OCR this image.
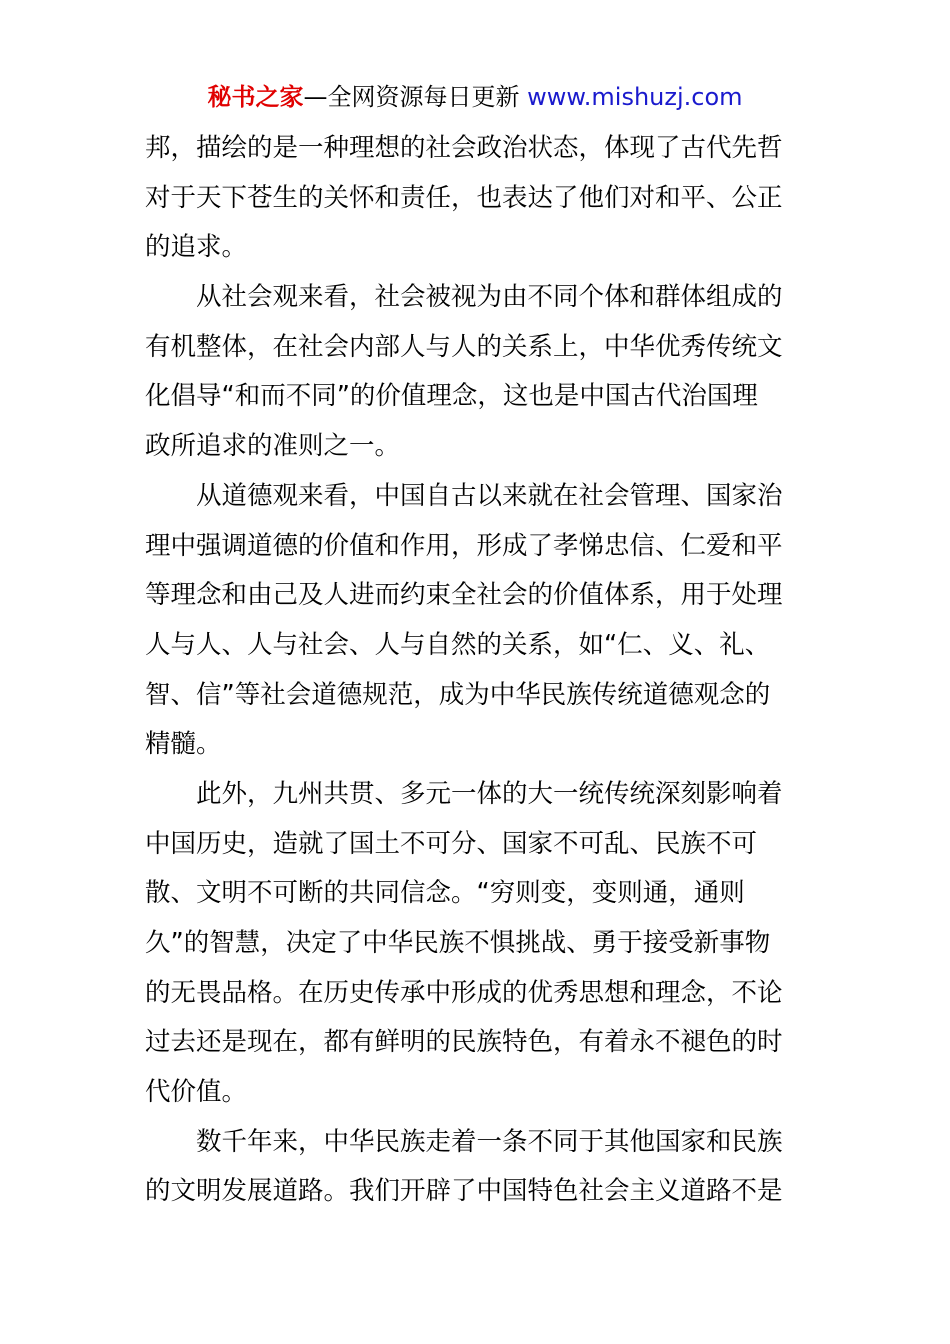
秘书之家—全网资源每日更新 www.mishuzj.com
邦，描绘的是一种理想的社会政治状态，体现了古代先哲
对于天下苍生的关怀和责任，也表达了他们对和平、公正
的追求。
从社会观来看，社会被视为由不同个体和群体组成的
有机整体，在社会内部人与人的关系上，中华优秀传统文
化倡导“和而不同”的价值理念，这也是中国古代治国理
政所追求的准则之一。
从道德观来看，中国自古以来就在社会管理、国家治
理中强调道德的价值和作用，形成了孝悌忠信、仁爱和平
等理念和由己及人进而约束全社会的价值体系，用于处理
人与人、人与社会、人与自然的关系，如“仁、义、礼、
智、信”等社会道德规范，成为中华民族传统道德观念的
精髓。
此外，九州共贯、多元一体的大一统传统深刻影响着
中国历史，造就了国土不可分、国家不可乱、民族不可
散、文明不可断的共同信念。“穷则变，变则通，通则
久”的智慧，决定了中华民族不惧挑战、勇于接受新事物
的无畏品格。在历史传承中形成的优秀思想和理念，不论
过去还是现在，都有鲜明的民族特色，有着永不褪色的时
代价值。
数千年来，中华民族走着一条不同于其他国家和民族
的文明发展道路。我们开辟了中国特色社会主义道路不是
